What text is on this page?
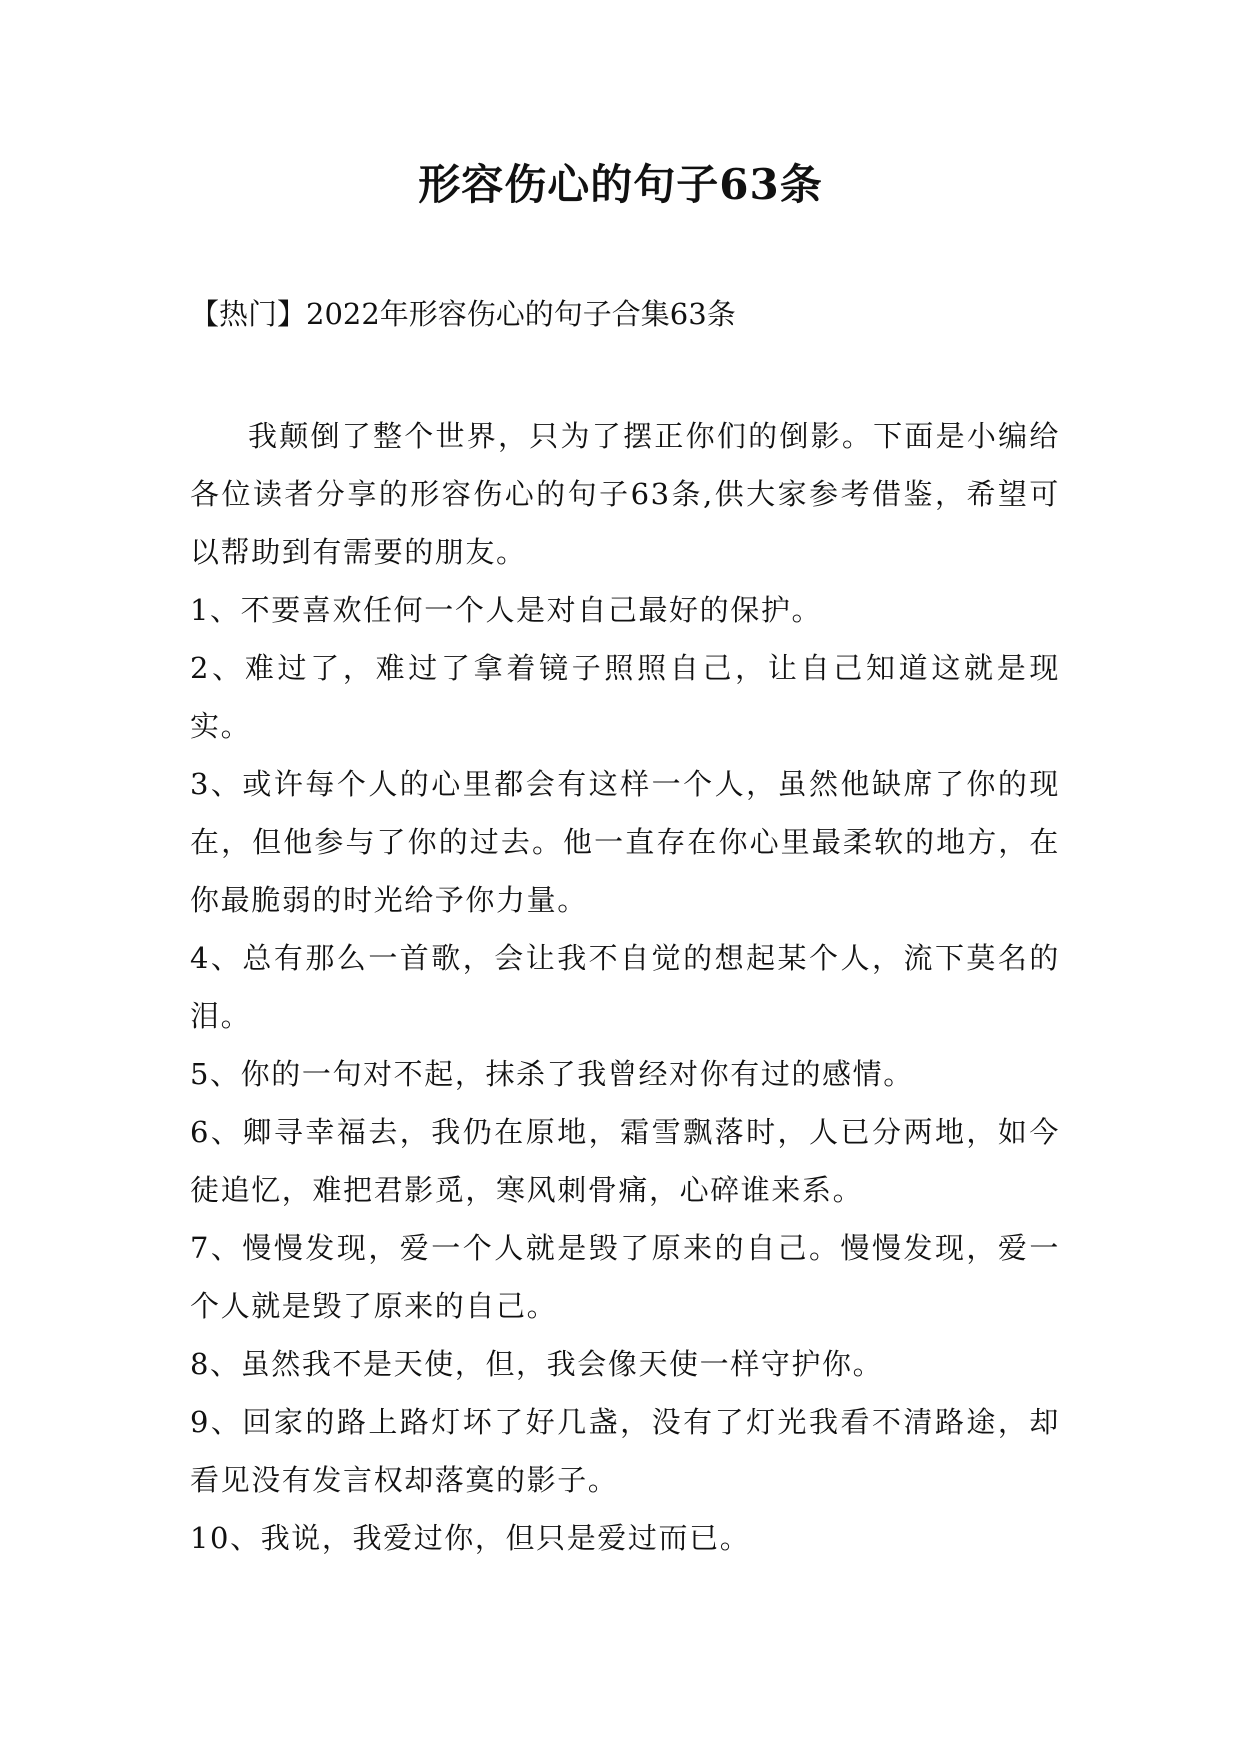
形容伤心的句子63条

【热门】2022年形容伤心的句子合集63条

我颠倒了整个世界，只为了摆正你们的倒影。下面是小编给各位读者分享的形容伤心的句子63条,供大家参考借鉴，希望可以帮助到有需要的朋友。

1、不要喜欢任何一个人是对自己最好的保护。

2、难过了，难过了拿着镜子照照自己，让自己知道这就是现实。

3、或许每个人的心里都会有这样一个人，虽然他缺席了你的现在，但他参与了你的过去。他一直存在你心里最柔软的地方，在你最脆弱的时光给予你力量。

4、总有那么一首歌，会让我不自觉的想起某个人，流下莫名的泪。

5、你的一句对不起，抹杀了我曾经对你有过的感情。

6、卿寻幸福去，我仍在原地，霜雪飘落时，人已分两地，如今徒追忆，难把君影觅，寒风刺骨痛，心碎谁来系。

7、慢慢发现，爱一个人就是毁了原来的自己。慢慢发现，爱一个人就是毁了原来的自己。

8、虽然我不是天使，但，我会像天使一样守护你。

9、回家的路上路灯坏了好几盏，没有了灯光我看不清路途，却看见没有发言权却落寞的影子。

10、我说，我爱过你，但只是爱过而已。
